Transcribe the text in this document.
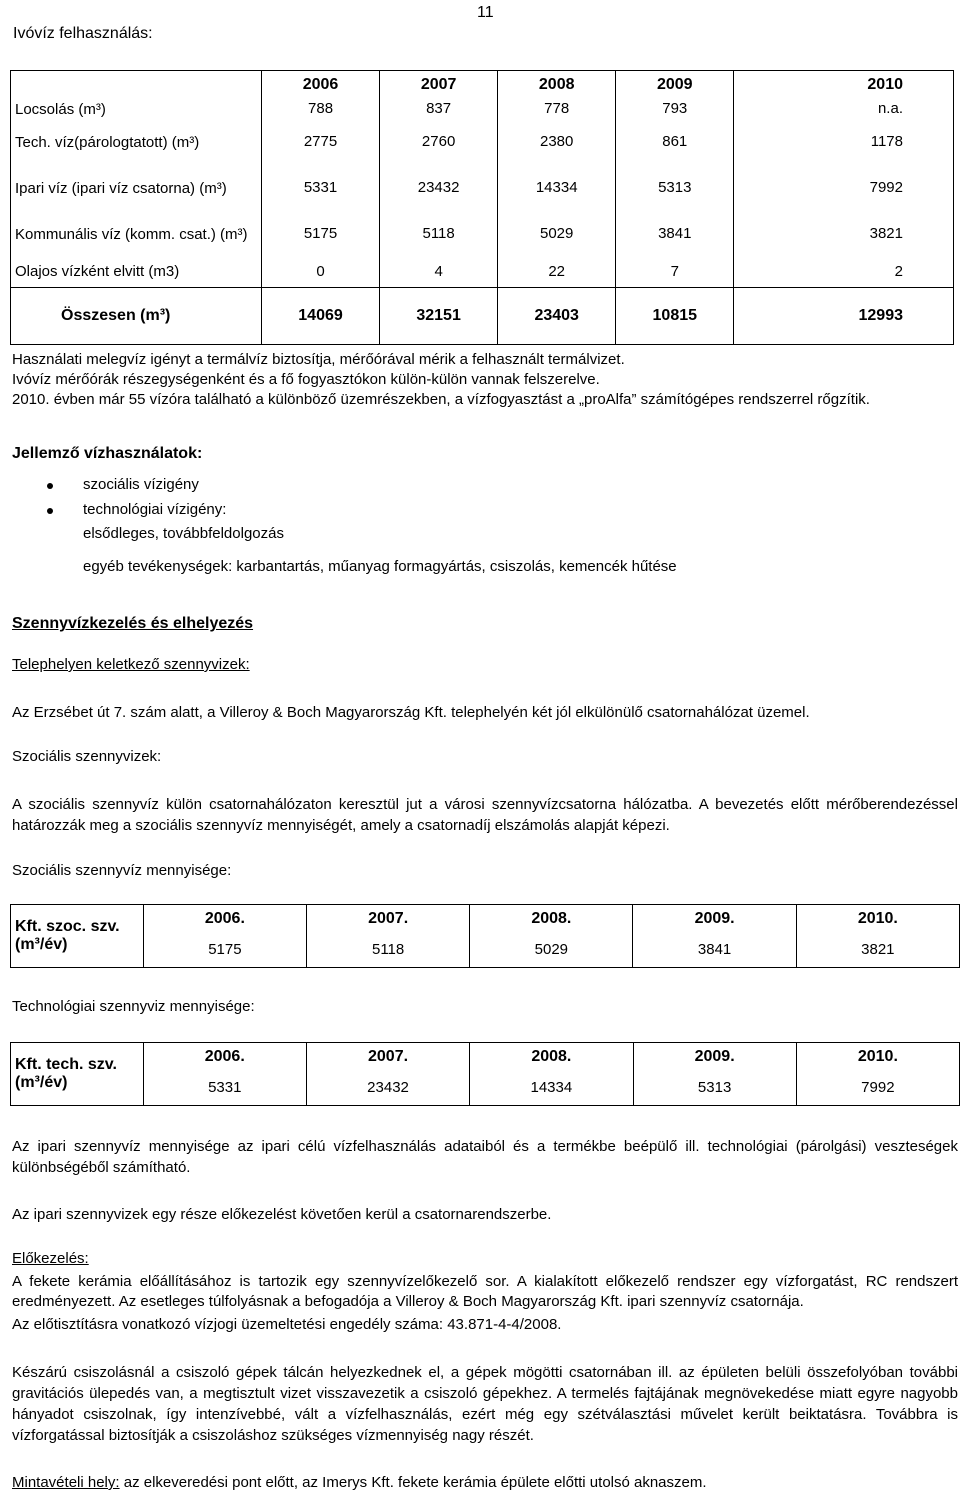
Ivóvíz felhasználás:
11
	2006	2007	2008	2009	2010
Locsolás (m³)	788	837	778	793	n.a.
Tech. víz(párologtatott) (m³)	2775	2760	2380	861	1178
Ipari víz (ipari víz csatorna) (m³)	5331	23432	14334	5313	7992
Kommunális víz (komm. csat.) (m³)	5175	5118	5029	3841	3821
Olajos vízként elvitt (m3)	0	4	22	7	2
Összesen (m³)	14069	32151	23403	10815	12993
Használati melegvíz igényt a termálvíz biztosítja, mérőórával mérik a felhasznált termálvizet.
Ivóvíz mérőórák részegységenként és a fő fogyasztókon külön-külön vannak felszerelve.
2010. évben már 55 vízóra található a különböző üzemrészekben, a vízfogyasztást a „proAlfa” számítógépes rendszerrel rőgzítik.
Jellemző vízhasználatok:
szociális vízigény
technológiai vízigény:
elsődleges, továbbfeldolgozás
egyéb tevékenységek: karbantartás, műanyag formagyártás, csiszolás, kemencék hűtése
Szennyvízkezelés és elhelyezés
Telephelyen keletkező szennyvizek:
Az Erzsébet út 7. szám alatt, a Villeroy & Boch Magyarország Kft. telephelyén két jól elkülönülő csatornahálózat üzemel.
Szociális szennyvizek:
A szociális szennyvíz külön csatornahálózaton keresztül jut a városi szennyvízcsatorna hálózatba. A bevezetés előtt mérőberendezéssel határozzák meg a szociális szennyvíz mennyiségét, amely a csatornadíj elszámolás alapját képezi.
Szociális szennyvíz mennyisége:
Kft. szoc. szv. (m³/év)	2006.	2007.	2008.	2009.	2010.
	5175	5118	5029	3841	3821
Technológiai szennyviz mennyisége:
Kft. tech. szv. (m³/év)	2006.	2007.	2008.	2009.	2010.
	5331	23432	14334	5313	7992
Az ipari szennyvíz mennyisége az ipari célú vízfelhasználás adataiból és a termékbe beépülő ill. technológiai (párolgási) veszteségek különbségéből számítható.
Az ipari szennyvizek egy része előkezelést követően kerül a csatornarendszerbe.
Előkezelés:
A fekete kerámia előállításához is tartozik egy szennyvízelőkezelő sor. A kialakított előkezelő rendszer egy vízforgatást, RC rendszert eredményezett. Az esetleges túlfolyásnak a befogadója a Villeroy & Boch Magyarország Kft. ipari szennyvíz csatornája.
Az előtisztításra vonatkozó vízjogi üzemeltetési engedély száma: 43.871-4-4/2008.
Készárú csiszolásnál a csiszoló gépek tálcán helyezkednek el, a gépek mögötti csatornában ill. az épületen belüli összefolyóban további gravitációs ülepedés van, a megtisztult vizet visszavezetik a csiszoló gépekhez. A termelés fajtájának megnövekedése miatt egyre nagyobb hányadot csiszolnak, így intenzívebbé, vált a vízfelhasználás, ezért még egy szétválasztási művelet került beiktatásra. Továbbra is vízforgatással biztosítják a csiszoláshoz szükséges vízmennyiség nagy részét.
Mintavételi hely: az elkeveredési pont előtt, az Imerys Kft. fekete kerámia épülete előtti utolsó aknaszem.
